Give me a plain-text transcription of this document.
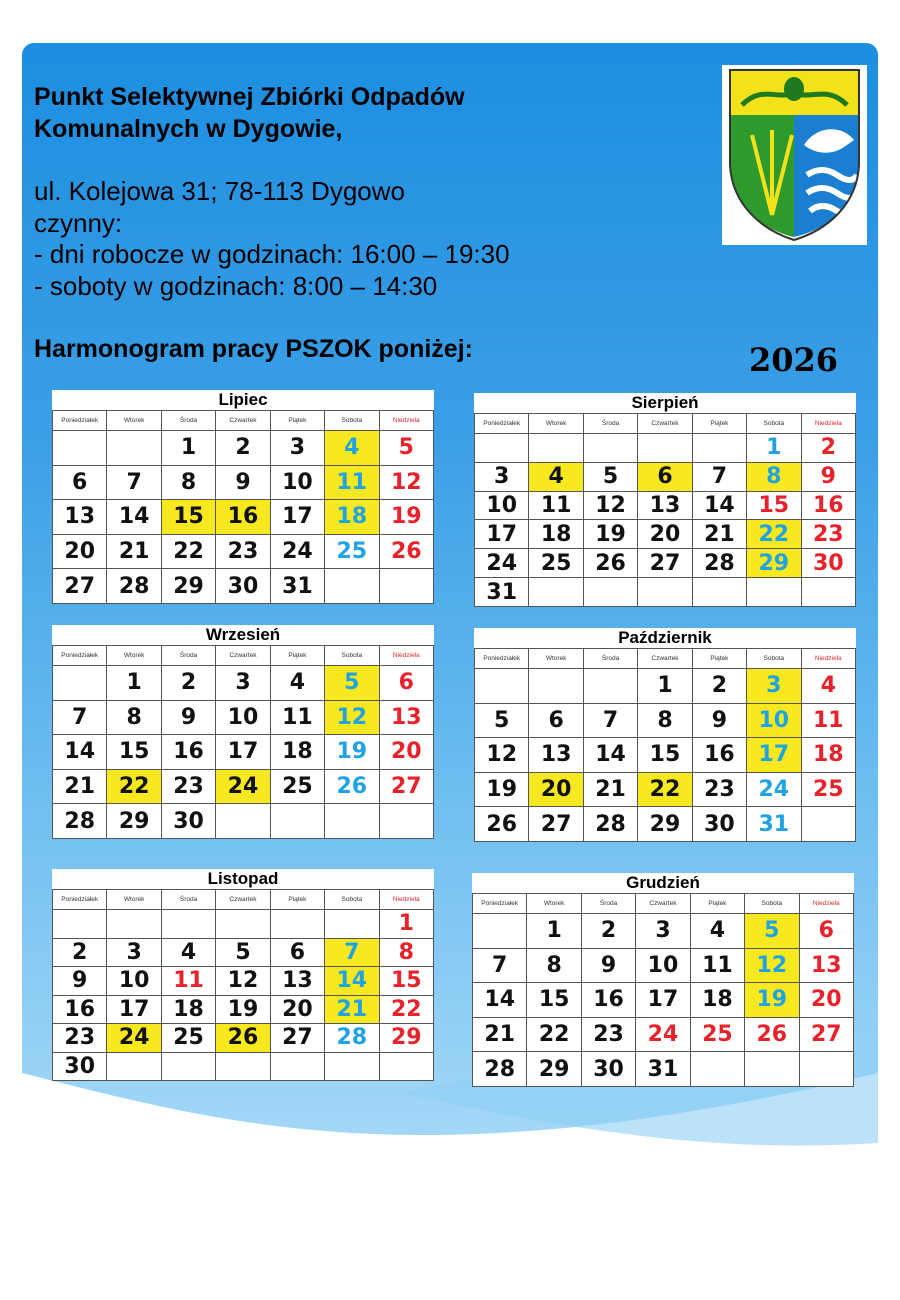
Punkt Selektywnej Zbiórki Odpadów
Komunalnych w Dygowie,
ul. Kolejowa 31; 78-113 Dygowo
czynny:
- dni robocze w godzinach: 16:00 – 19:30
- soboty w godzinach: 8:00 – 14:30
Harmonogram pracy PSZOK poniżej:	2026
Lipiec						
Poniedziałek	Wtorek	Środa	Czwartek	Piątek	Sobota	Niedziela
		1	2	3	4	5
6	7	8	9	10	11	12
13	14	15	16	17	18	19
20	21	22	23	24	25	26
27	28	29	30	31		
Sierpień						
Poniedziałek	Wtorek	Środa	Czwartek	Piątek	Sobota	Niedziela
					1	2
3	4	5	6	7	8	9
10	11	12	13	14	15	16
17	18	19	20	21	22	23
24	25	26	27	28	29	30
31						
Wrzesień						
Poniedziałek	Wtorek	Środa	Czwartek	Piątek	Sobota	Niedziela
	1	2	3	4	5	6
7	8	9	10	11	12	13
14	15	16	17	18	19	20
21	22	23	24	25	26	27
28	29	30				
Październik						
Poniedziałek	Wtorek	Środa	Czwartek	Piątek	Sobota	Niedziela
			1	2	3	4
5	6	7	8	9	10	11
12	13	14	15	16	17	18
19	20	21	22	23	24	25
26	27	28	29	30	31	
Listopad						
Poniedziałek	Wtorek	Środa	Czwartek	Piątek	Sobota	Niedziela
						1
2	3	4	5	6	7	8
9	10	11	12	13	14	15
16	17	18	19	20	21	22
23	24	25	26	27	28	29
30						
Grudzień						
Poniedziałek	Wtorek	Środa	Czwartek	Piątek	Sobota	Niedziela
	1	2	3	4	5	6
7	8	9	10	11	12	13
14	15	16	17	18	19	20
21	22	23	24	25	26	27
28	29	30	31			
